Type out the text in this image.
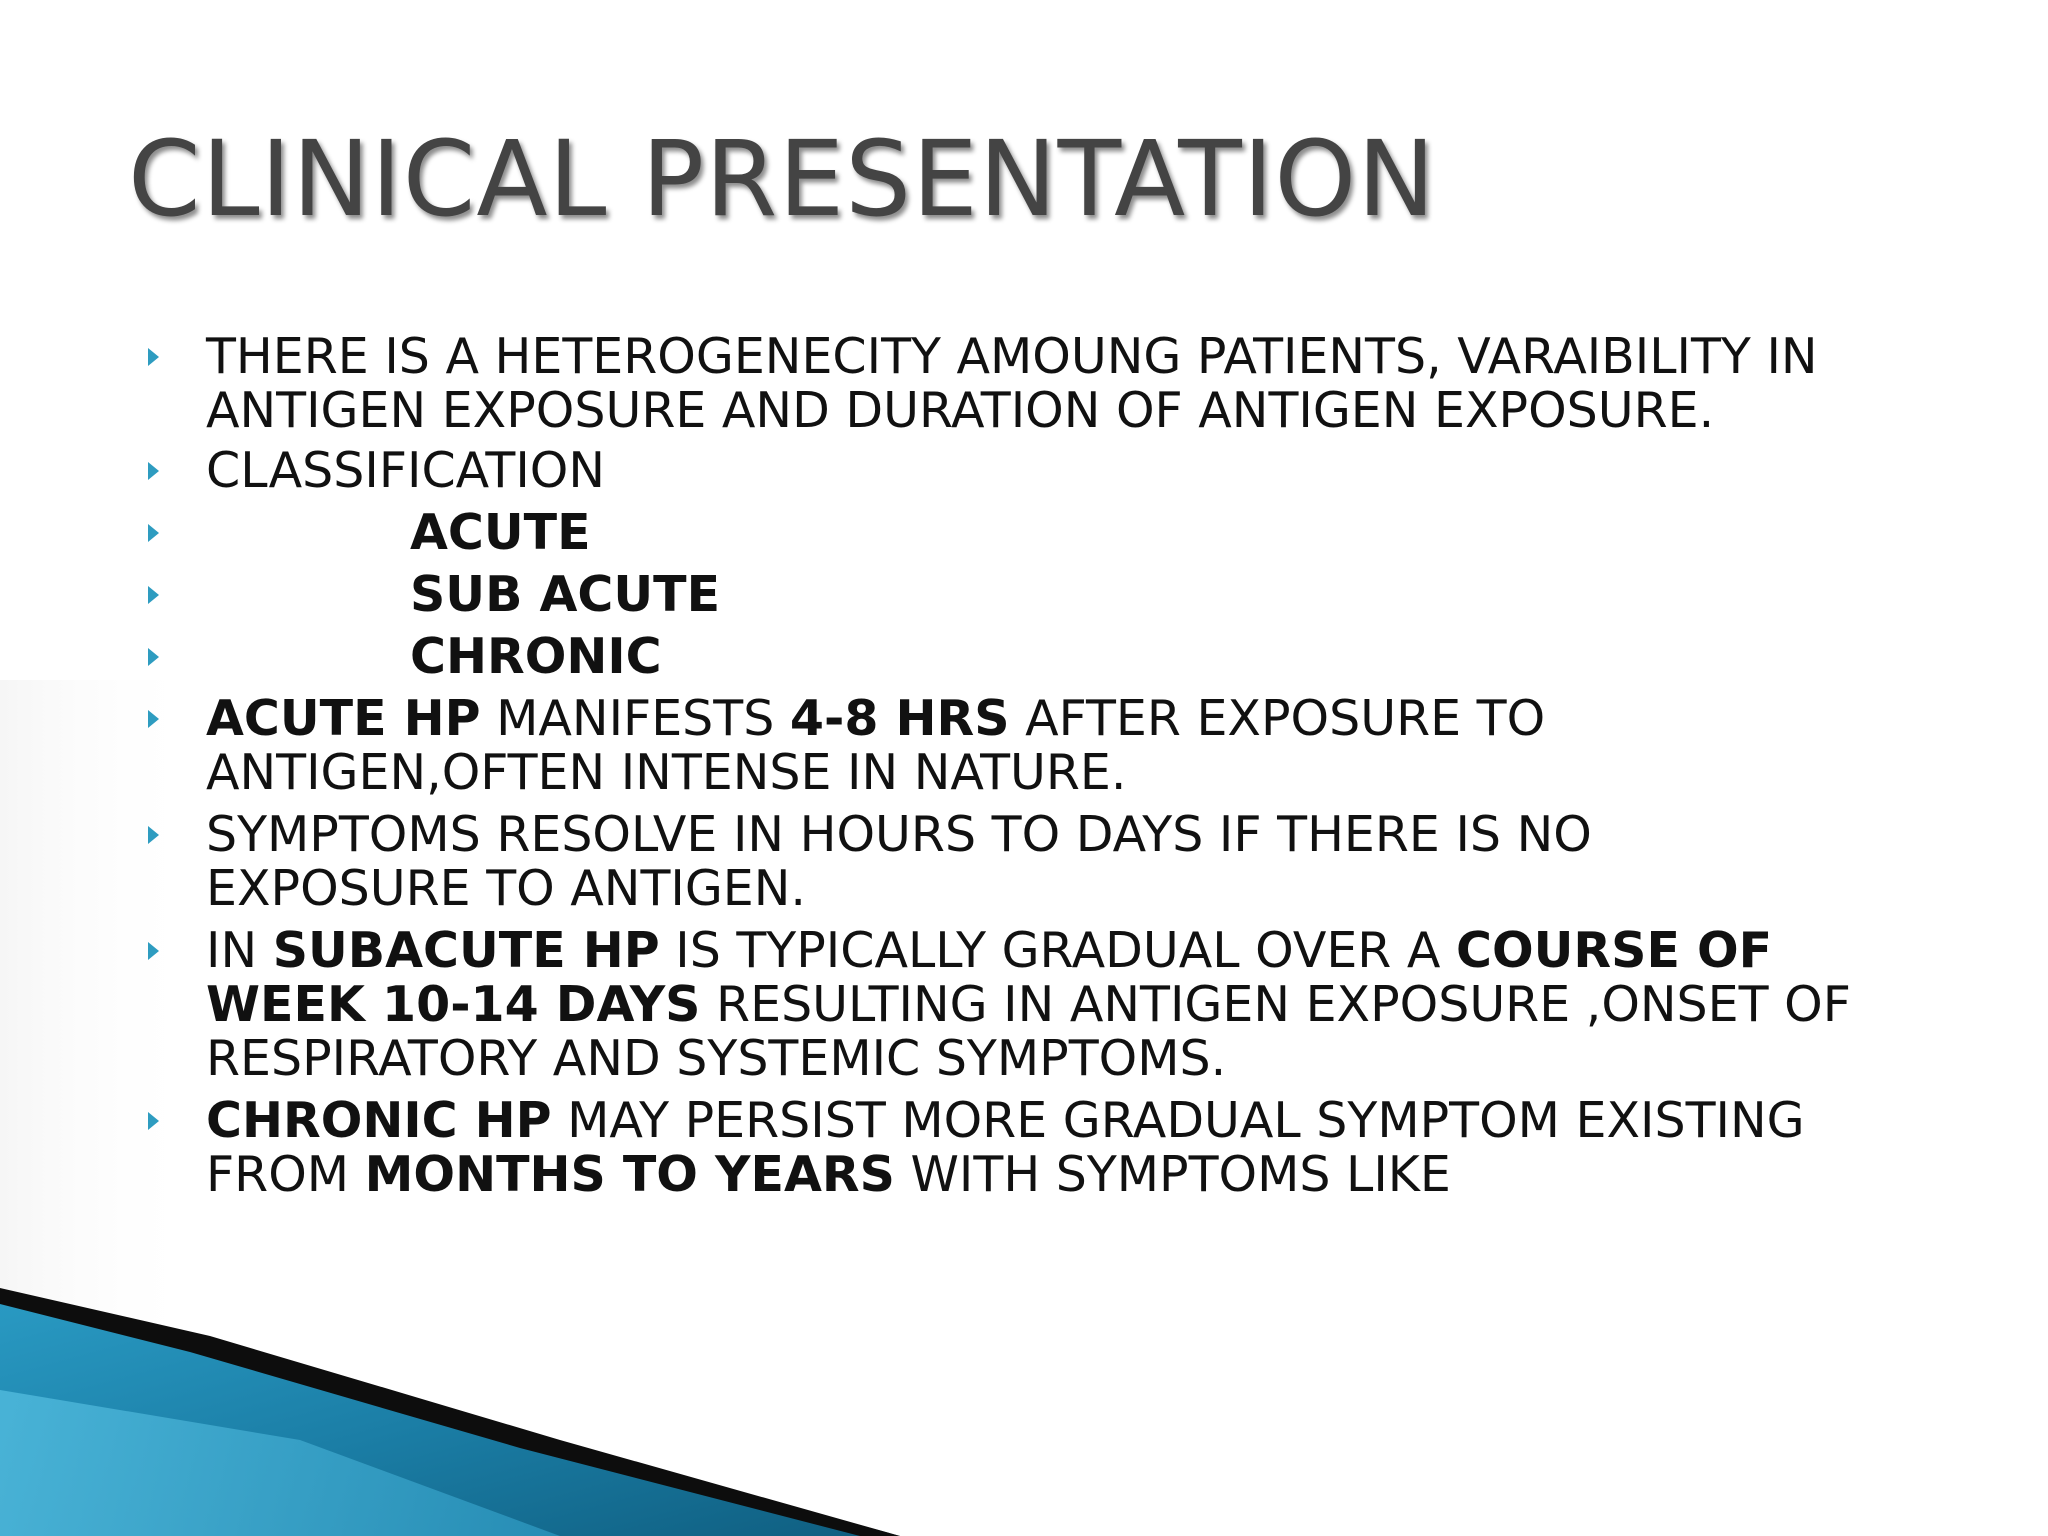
CLINICAL PRESENTATION
THERE IS A HETEROGENECITY AMOUNG PATIENTS, VARAIBILITY IN
ANTIGEN EXPOSURE AND DURATION OF ANTIGEN EXPOSURE.
CLASSIFICATION
ACUTE
SUB ACUTE
CHRONIC
ACUTE HP MANIFESTS 4-8 HRS AFTER EXPOSURE TO
ANTIGEN,OFTEN INTENSE IN NATURE.
SYMPTOMS RESOLVE IN HOURS TO DAYS IF THERE IS NO
EXPOSURE TO ANTIGEN.
IN SUBACUTE HP IS TYPICALLY GRADUAL OVER A COURSE OF
WEEK 10-14 DAYS RESULTING IN ANTIGEN EXPOSURE ,ONSET OF
RESPIRATORY AND SYSTEMIC SYMPTOMS.
CHRONIC HP MAY PERSIST MORE GRADUAL SYMPTOM EXISTING
FROM MONTHS TO YEARS WITH SYMPTOMS LIKE
